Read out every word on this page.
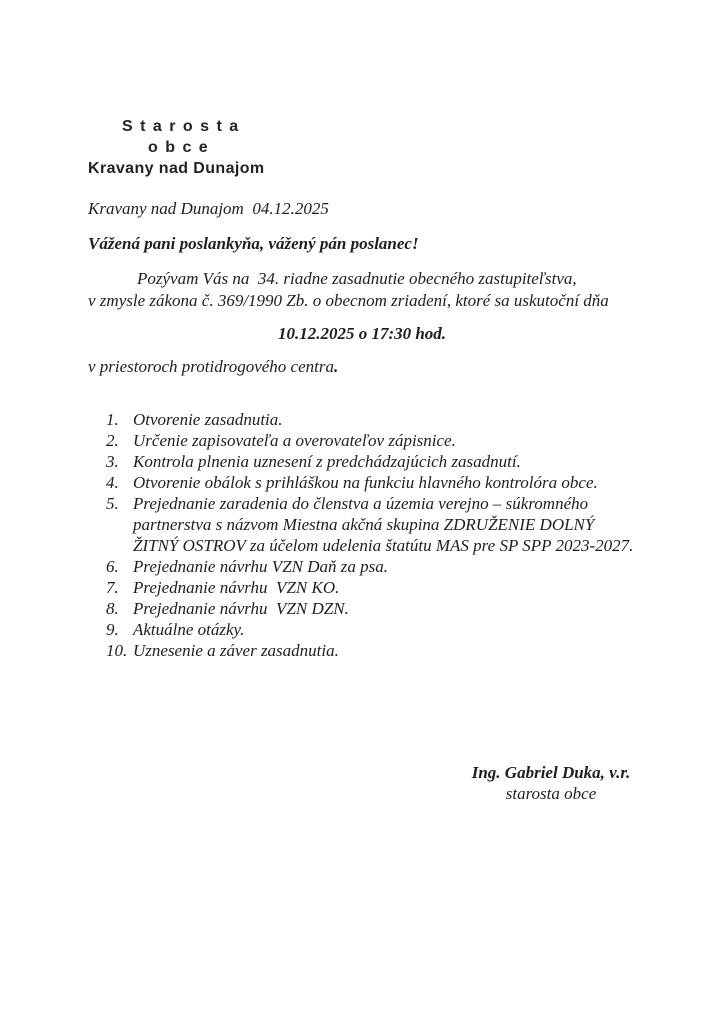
S t a r o s t a
o b c e
Kravany nad Dunajom
Kravany nad Dunajom  04.12.2025
Vážená pani poslankyňa, vážený pán poslanec!
Pozývam Vás na  34. riadne zasadnutie obecného zastupiteľstva,
v zmysle zákona č. 369/1990 Zb. o obecnom zriadení, ktoré sa uskutoční dňa
10.12.2025 o 17:30 hod.
v priestoroch protidrogového centra.
1. Otvorenie zasadnutia.
2. Určenie zapisovateľa a overovateľov zápisnice.
3. Kontrola plnenia uznesení z predchádzajúcich zasadnutí.
4. Otvorenie obálok s prihláškou na funkciu hlavného kontrolóra obce.
5. Prejednanie zaradenia do členstva a územia verejno – súkromného
partnerstva s názvom Miestna akčná skupina ZDRUŽENIE DOLNÝ
ŽITNÝ OSTROV za účelom udelenia štatútu MAS pre SP SPP 2023-2027.
6. Prejednanie návrhu VZN Daň za psa.
7. Prejednanie návrhu  VZN KO.
8. Prejednanie návrhu  VZN DZN.
9. Aktuálne otázky.
10. Uznesenie a záver zasadnutia.
Ing. Gabriel Duka, v.r.
starosta obce
